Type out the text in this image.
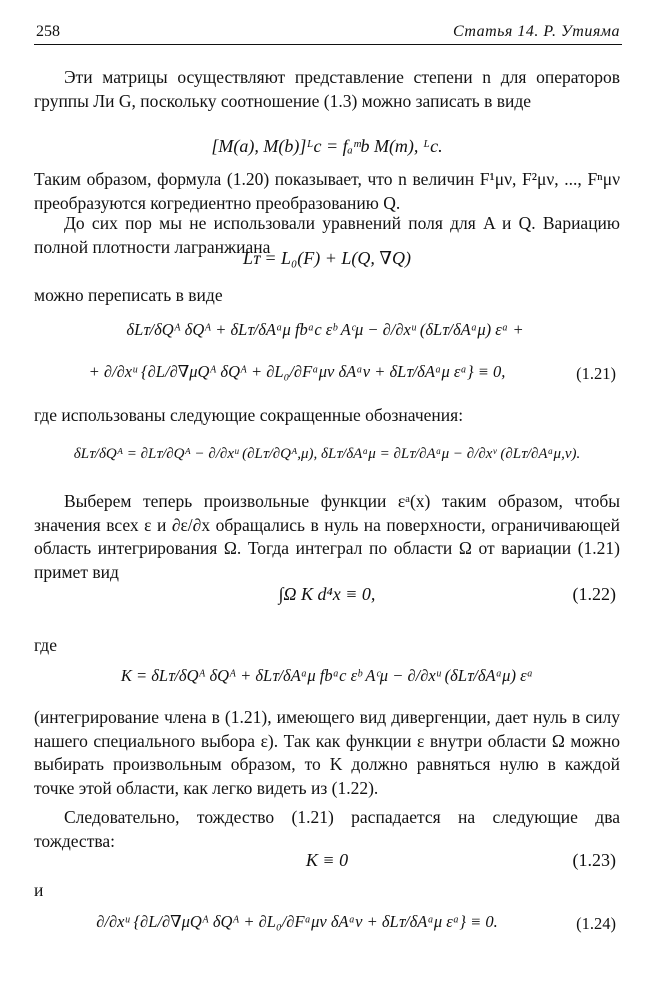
258	Статья 14. Р. Утияма
Эти матрицы осуществляют представление степени n для операторов группы Ли G, поскольку соотношение (1.3) можно записать в виде
[M(a), M(b)]ᴸc = fₐᵐb M(m), ᴸc.
Таким образом, формула (1.20) показывает, что n величин F¹μν, F²μν, ..., Fⁿμν преобразуются когредиентно преобразованию Q.
До сих пор мы не использовали уравнений поля для A и Q. Вариацию полной плотности лагранжиана
Lᴛ = L₀(F) + L(Q, ∇Q)
можно переписать в виде
δLᴛ/δQᴬ δQᴬ + δLᴛ/δAᵃμ fbᵃc εᵇ Aᶜμ − ∂/∂xᵘ (δLᴛ/δAᵃμ) εᵃ +
+ ∂/∂xᵘ {∂L/∂∇μQᴬ δQᴬ + ∂L₀/∂Fᵃμν δAᵃν + δLᴛ/δAᵃμ εᵃ} ≡ 0,	(1.21)
где использованы следующие сокращенные обозначения:
δLᴛ/δQᴬ = ∂Lᴛ/∂Qᴬ − ∂/∂xᵘ (∂Lᴛ/∂Qᴬ,μ), δLᴛ/δAᵃμ = ∂Lᴛ/∂Aᵃμ − ∂/∂xᵛ (∂Lᴛ/∂Aᵃμ,ν).
Выберем теперь произвольные функции εᵃ(x) таким образом, чтобы значения всех ε и ∂ε/∂x обращались в нуль на поверхности, ограничивающей область интегрирования Ω. Тогда интеграл по области Ω от вариации (1.21) примет вид
∫Ω K d⁴x ≡ 0,	(1.22)
где
K = δLᴛ/δQᴬ δQᴬ + δLᴛ/δAᵃμ fbᵃc εᵇ Aᶜμ − ∂/∂xᵘ (δLᴛ/δAᵃμ) εᵃ
(интегрирование члена в (1.21), имеющего вид дивергенции, дает нуль в силу нашего специального выбора ε). Так как функции ε внутри области Ω можно выбирать произвольным образом, то K должно равняться нулю в каждой точке этой области, как легко видеть из (1.22).
Следовательно, тождество (1.21) распадается на следующие два тождества:
K ≡ 0	(1.23)
и
∂/∂xᵘ {∂L/∂∇μQᴬ δQᴬ + ∂L₀/∂Fᵃμν δAᵃν + δLᴛ/δAᵃμ εᵃ} ≡ 0.	(1.24)
